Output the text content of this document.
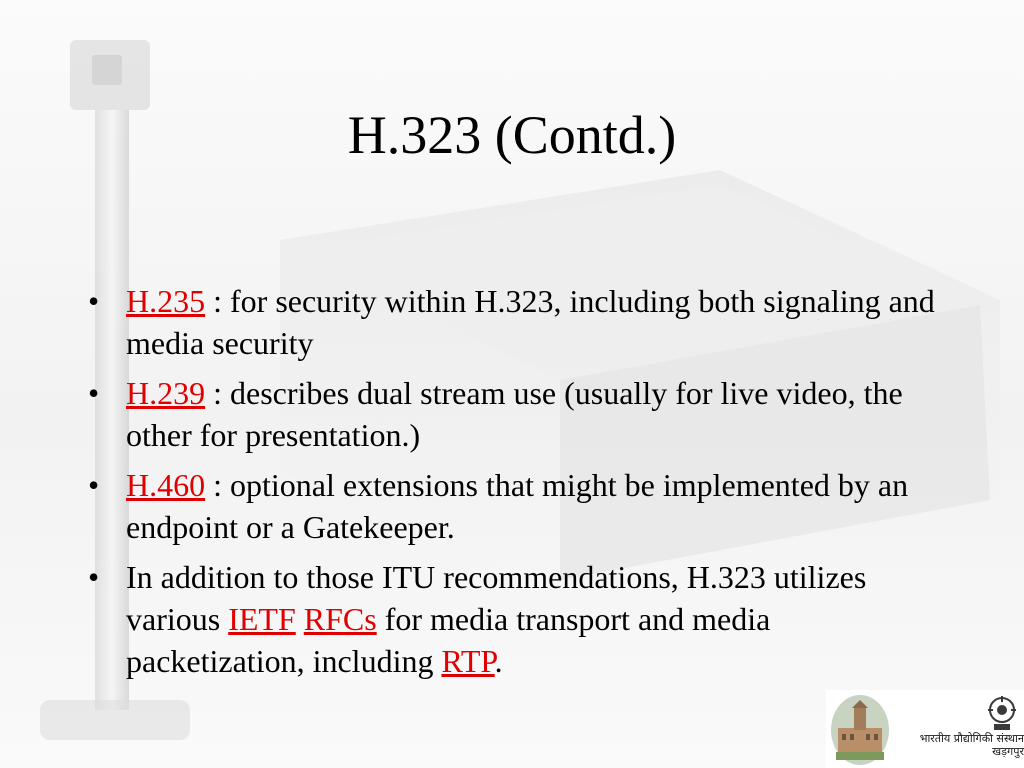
H.323 (Contd.)
• H.235 : for security within H.323, including both signaling and media security
• H.239 : describes dual stream use (usually for live video, the other for presentation.)
• H.460 : optional extensions that might be implemented by an endpoint or a Gatekeeper.
• In addition to those ITU recommendations, H.323 utilizes various IETF RFCs for media transport and media packetization, including RTP.
भारतीय प्रौद्योगिकी संस्थान
खड़गपुर
